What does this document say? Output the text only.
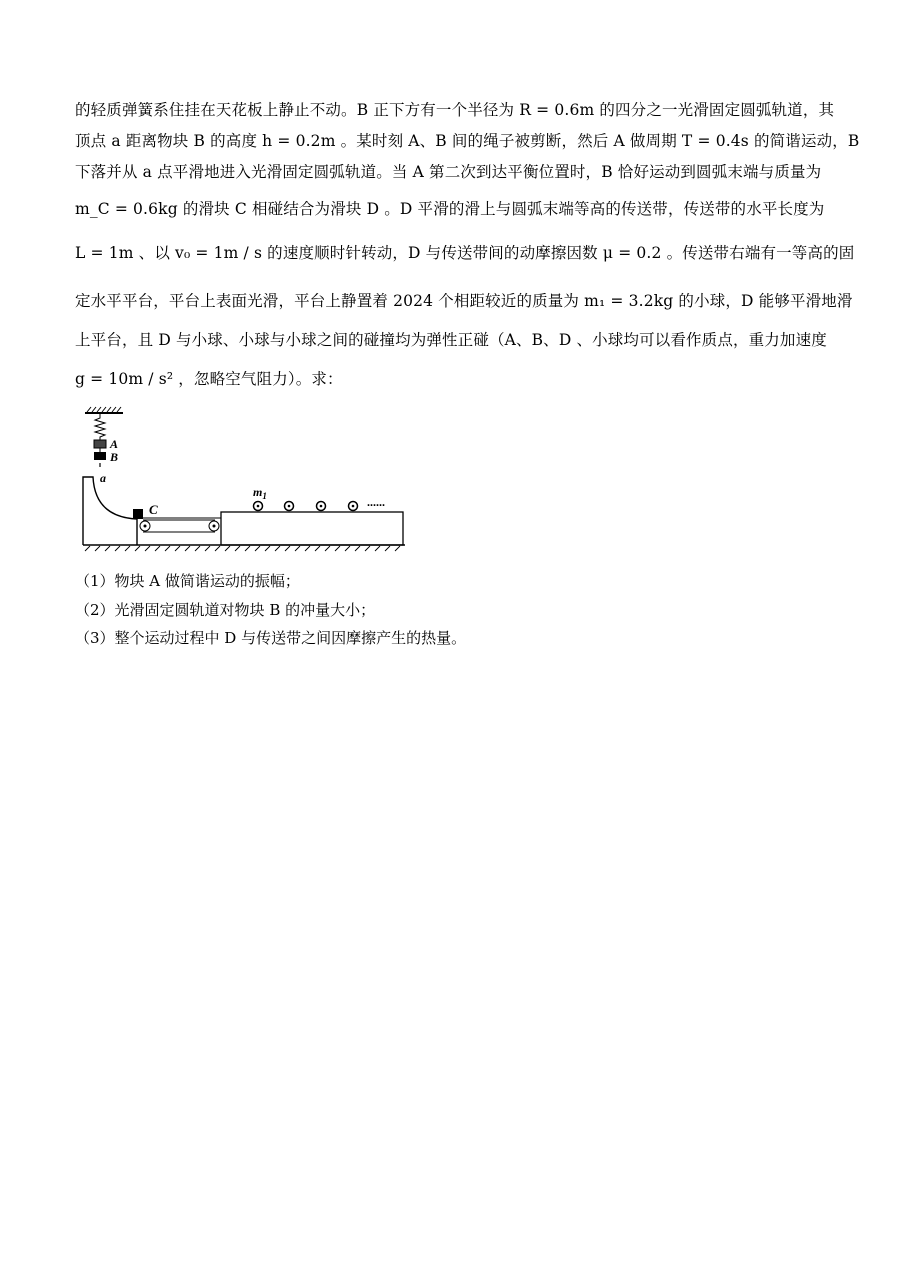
的轻质弹簧系住挂在天花板上静止不动。B 正下方有一个半径为 R = 0.6m 的四分之一光滑固定圆弧轨道，其
顶点 a 距离物块 B 的高度 h = 0.2m 。某时刻 A、B 间的绳子被剪断，然后 A 做周期 T = 0.4s 的简谐运动，B
下落并从 a 点平滑地进入光滑固定圆弧轨道。当 A 第二次到达平衡位置时，B 恰好运动到圆弧末端与质量为
m_C = 0.6kg 的滑块 C 相碰结合为滑块 D 。D 平滑的滑上与圆弧末端等高的传送带，传送带的水平长度为
L = 1m 、以 v₀ = 1m / s 的速度顺时针转动，D 与传送带间的动摩擦因数 μ = 0.2 。传送带右端有一等高的固
定水平平台，平台上表面光滑，平台上静置着 2024 个相距较近的质量为 m₁ = 3.2kg 的小球，D 能够平滑地滑
上平台，且 D 与小球、小球与小球之间的碰撞均为弹性正碰（A、B、D 、小球均可以看作质点，重力加速度
g = 10m / s² ，忽略空气阻力）。求：
A
B
a
C
$m_1$	......
（1）物块 A 做简谐运动的振幅；
（2）光滑固定圆轨道对物块 B 的冲量大小；
（3）整个运动过程中 D 与传送带之间因摩擦产生的热量。
